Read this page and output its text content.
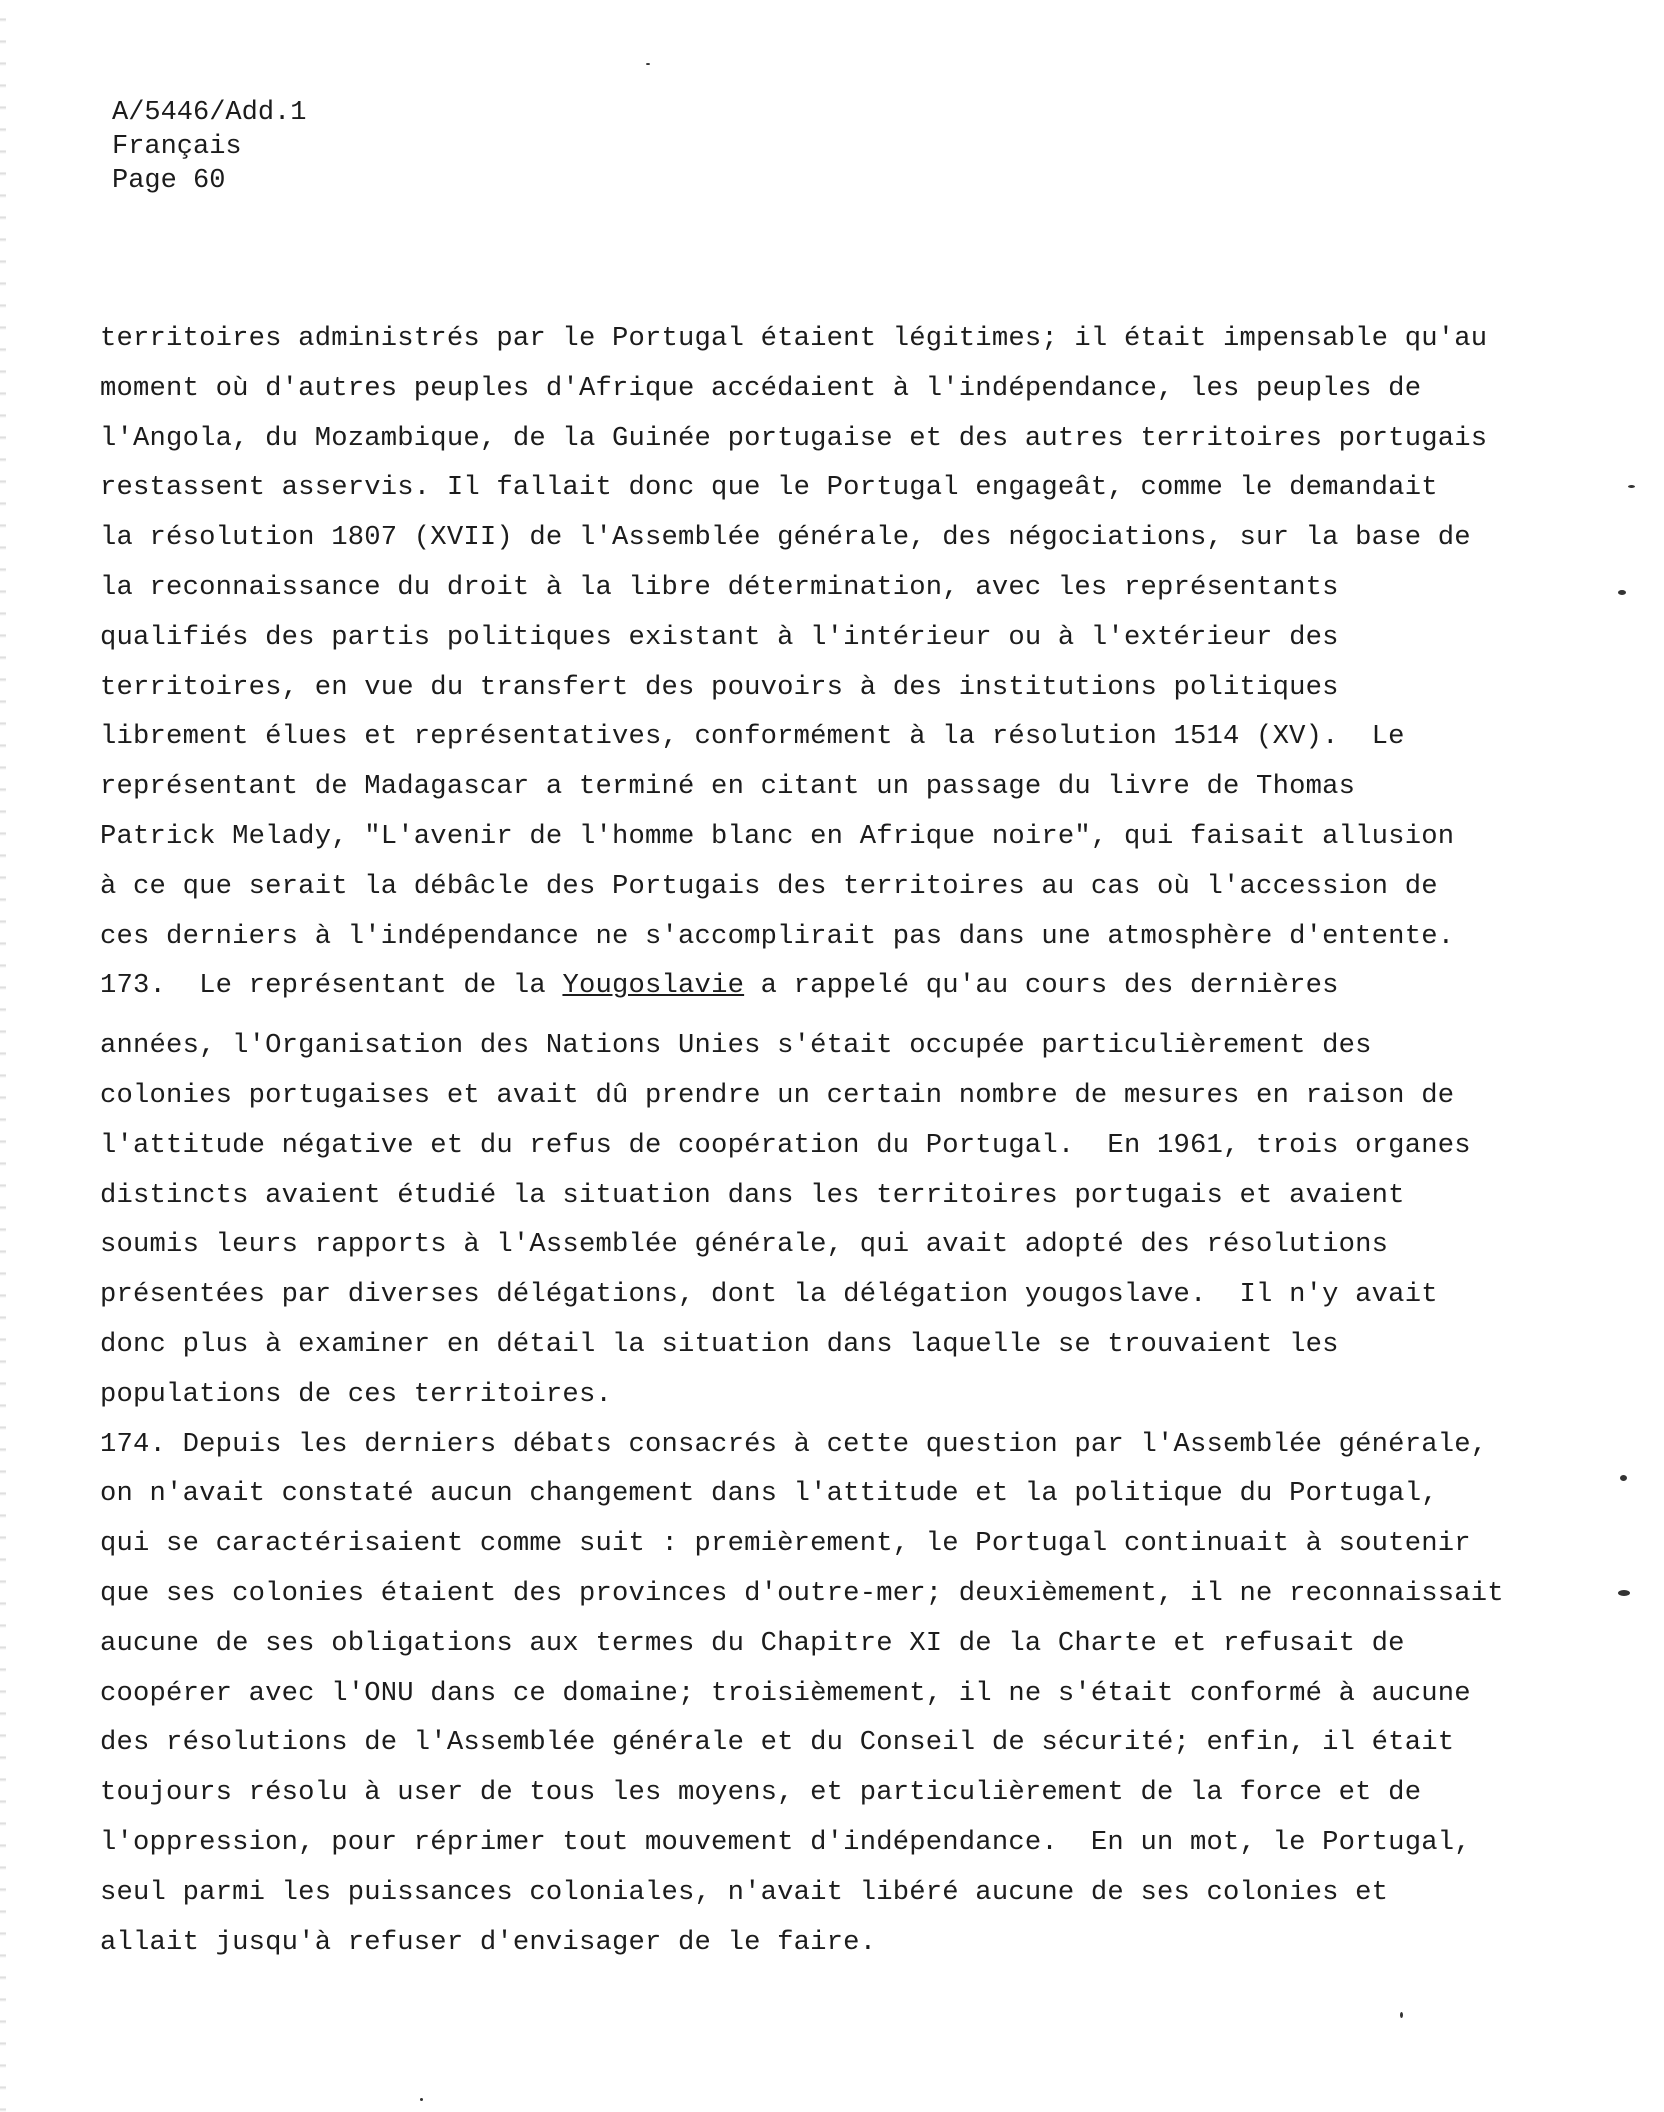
A/5446/Add.1
Français
Page 60
territoires administrés par le Portugal étaient légitimes; il était impensable qu'au
moment où d'autres peuples d'Afrique accédaient à l'indépendance, les peuples de
l'Angola, du Mozambique, de la Guinée portugaise et des autres territoires portugais
restassent asservis. Il fallait donc que le Portugal engageât, comme le demandait
la résolution 1807 (XVII) de l'Assemblée générale, des négociations, sur la base de
la reconnaissance du droit à la libre détermination, avec les représentants
qualifiés des partis politiques existant à l'intérieur ou à l'extérieur des
territoires, en vue du transfert des pouvoirs à des institutions politiques
librement élues et représentatives, conformément à la résolution 1514 (XV).  Le
représentant de Madagascar a terminé en citant un passage du livre de Thomas
Patrick Melady, "L'avenir de l'homme blanc en Afrique noire", qui faisait allusion
à ce que serait la débâcle des Portugais des territoires au cas où l'accession de
ces derniers à l'indépendance ne s'accomplirait pas dans une atmosphère d'entente.
173.  Le représentant de la Yougoslavie a rappelé qu'au cours des dernières
années, l'Organisation des Nations Unies s'était occupée particulièrement des
colonies portugaises et avait dû prendre un certain nombre de mesures en raison de
l'attitude négative et du refus de coopération du Portugal.  En 1961, trois organes
distincts avaient étudié la situation dans les territoires portugais et avaient
soumis leurs rapports à l'Assemblée générale, qui avait adopté des résolutions
présentées par diverses délégations, dont la délégation yougoslave.  Il n'y avait
donc plus à examiner en détail la situation dans laquelle se trouvaient les
populations de ces territoires.
174. Depuis les derniers débats consacrés à cette question par l'Assemblée générale,
on n'avait constaté aucun changement dans l'attitude et la politique du Portugal,
qui se caractérisaient comme suit : premièrement, le Portugal continuait à soutenir
que ses colonies étaient des provinces d'outre-mer; deuxièmement, il ne reconnaissait
aucune de ses obligations aux termes du Chapitre XI de la Charte et refusait de
coopérer avec l'ONU dans ce domaine; troisièmement, il ne s'était conformé à aucune
des résolutions de l'Assemblée générale et du Conseil de sécurité; enfin, il était
toujours résolu à user de tous les moyens, et particulièrement de la force et de
l'oppression, pour réprimer tout mouvement d'indépendance.  En un mot, le Portugal,
seul parmi les puissances coloniales, n'avait libéré aucune de ses colonies et
allait jusqu'à refuser d'envisager de le faire.
